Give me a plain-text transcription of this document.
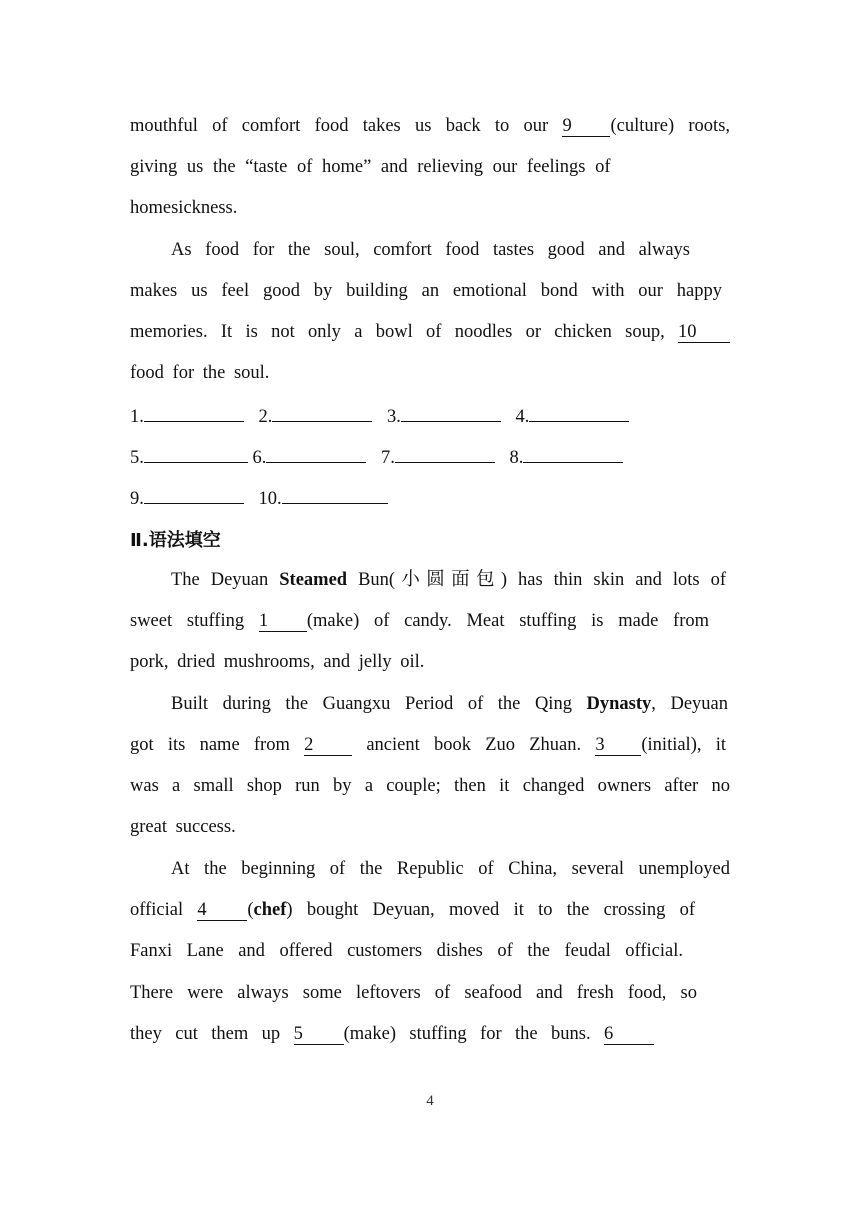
mouthful of comfort food takes us back to our 9 (culture) roots,
giving us the “taste of home” and relieving our feelings of
homesickness.
As food for the soul, comfort food tastes good and always
makes us feel good by building an emotional bond with our happy
memories. It is not only a bowl of noodles or chicken soup, 10
food for the soul.
1.	2.	3.	4.
5.	6.	7.	8.
9.	10.
Ⅱ.语法填空
The Deyuan Steamed Bun(小圆面包) has thin skin and lots of
sweet stuffing 1 (make) of candy. Meat stuffing is made from
pork, dried mushrooms, and jelly oil.
Built during the Guangxu Period of the Qing Dynasty, Deyuan
got its name from 2	ancient book Zuo Zhuan. 3 (initial), it
was a small shop run by a couple; then it changed owners after no
great success.
At the beginning of the Republic of China, several unemployed
official 4 (chef) bought Deyuan, moved it to the crossing of
Fanxi Lane and offered customers dishes of the feudal official.
There were always some leftovers of seafood and fresh food, so
they cut them up 5 (make) stuffing for the buns. 6
4
